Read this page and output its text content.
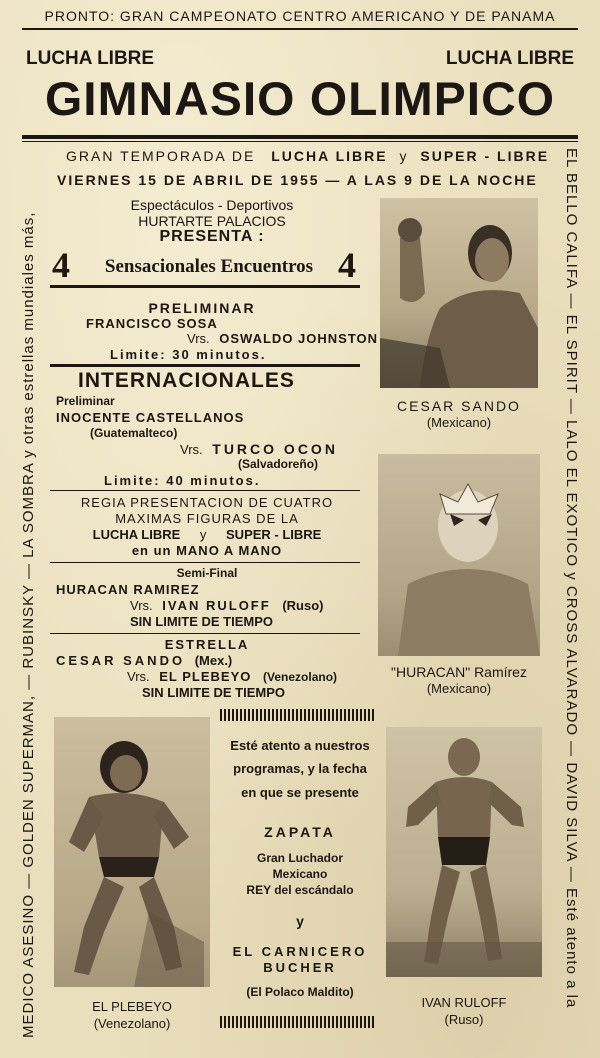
PRONTO: GRAN CAMPEONATO CENTRO AMERICANO Y DE PANAMA
LUCHA LIBRE	LUCHA LIBRE
GIMNASIO OLIMPICO
GRAN TEMPORADA DE LUCHA LIBRE y SUPER - LIBRE
VIERNES 15 DE ABRIL DE 1955 — A LAS 9 DE LA NOCHE
Espectáculos - Deportivos
HURTARTE PALACIOS
PRESENTA :
4	Sensacionales Encuentros 4
PRELIMINAR
FRANCISCO SOSA
Vrs. OSWALDO JOHNSTON
Limite: 30 minutos.
INTERNACIONALES
Preliminar
INOCENTE CASTELLANOS
(Guatemalteco)
Vrs. TURCO OCON
(Salvadoreño)
Limite: 40 minutos.
REGIA PRESENTACION DE CUATRO
MAXIMAS FIGURAS DE LA
LUCHA LIBRE y SUPER - LIBRE
en un MANO A MANO
Semi-Final
HURACAN RAMIREZ
Vrs. IVAN RULOFF (Ruso)
SIN LIMITE DE TIEMPO
ESTRELLA
CESAR SANDO (Mex.)
Vrs. EL PLEBEYO (Venezolano)
SIN LIMITE DE TIEMPO
Esté atento a nuestros
programas, y la fecha
en que se presente
ZAPATA
Gran Luchador
Mexicano
REY del escándalo
y
EL CARNICERO
BUCHER
(El Polaco Maldito)
CESAR SANDO
(Mexicano)
"HURACAN" Ramírez
(Mexicano)
EL PLEBEYO
(Venezolano)
IVAN RULOFF
(Ruso)
MEDICO ASESINO — GOLDEN SUPERMAN, — RUBINSKY — LA SOMBRA y otras estrellas mundiales más,	EL BELLO CALIFA — EL SPIRIT — LALO EL EXOTICO y CROSS ALVARADO — DAVID SILVA — Esté atento a la
